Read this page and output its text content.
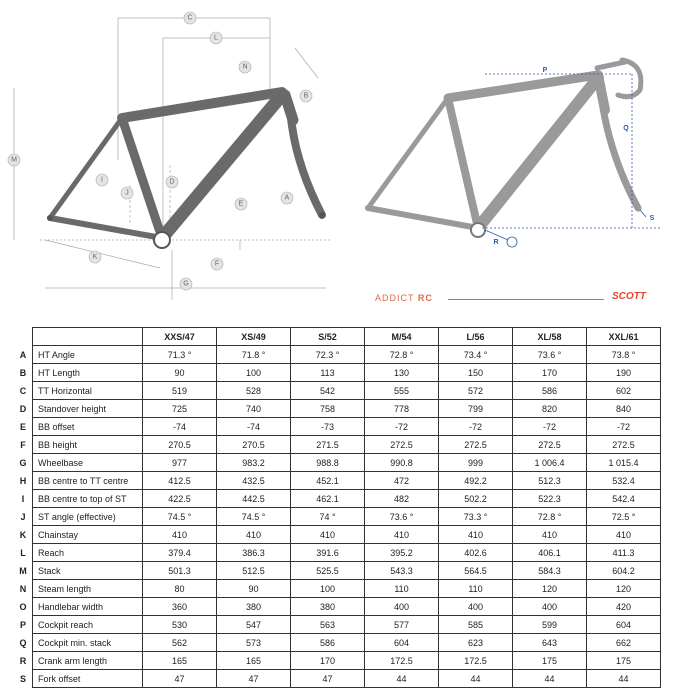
C
L
N
B
M
I
J
D
E
A
K
F
G
P
Q
S
R
ADDICT RC	SCOTT
		XXS/47	XS/49	S/52	M/54	L/56	XL/58	XXL/61
A	HT Angle	71.3 °	71.8 °	72.3 °	72.8 °	73.4 °	73.6 °	73.8 °
B	HT Length	90	100	113	130	150	170	190
C	TT Horizontal	519	528	542	555	572	586	602
D	Standover height	725	740	758	778	799	820	840
E	BB offset	-74	-74	-73	-72	-72	-72	-72
F	BB height	270.5	270.5	271.5	272.5	272.5	272.5	272.5
G	Wheelbase	977	983.2	988.8	990.8	999	1 006.4	1 015.4
H	BB centre to TT centre	412.5	432.5	452.1	472	492.2	512.3	532.4
I	BB centre to top of ST	422.5	442.5	462.1	482	502.2	522.3	542.4
J	ST angle (effective)	74.5 °	74.5 °	74 °	73.6 °	73.3 °	72.8 °	72.5 °
K	Chainstay	410	410	410	410	410	410	410
L	Reach	379.4	386.3	391.6	395.2	402.6	406.1	411.3
M	Stack	501.3	512.5	525.5	543.3	564.5	584.3	604.2
N	Steam length	80	90	100	110	110	120	120
O	Handlebar width	360	380	380	400	400	400	420
P	Cockpit reach	530	547	563	577	585	599	604
Q	Cockpit min. stack	562	573	586	604	623	643	662
R	Crank arm length	165	165	170	172.5	172.5	175	175
S	Fork offset	47	47	47	44	44	44	44
